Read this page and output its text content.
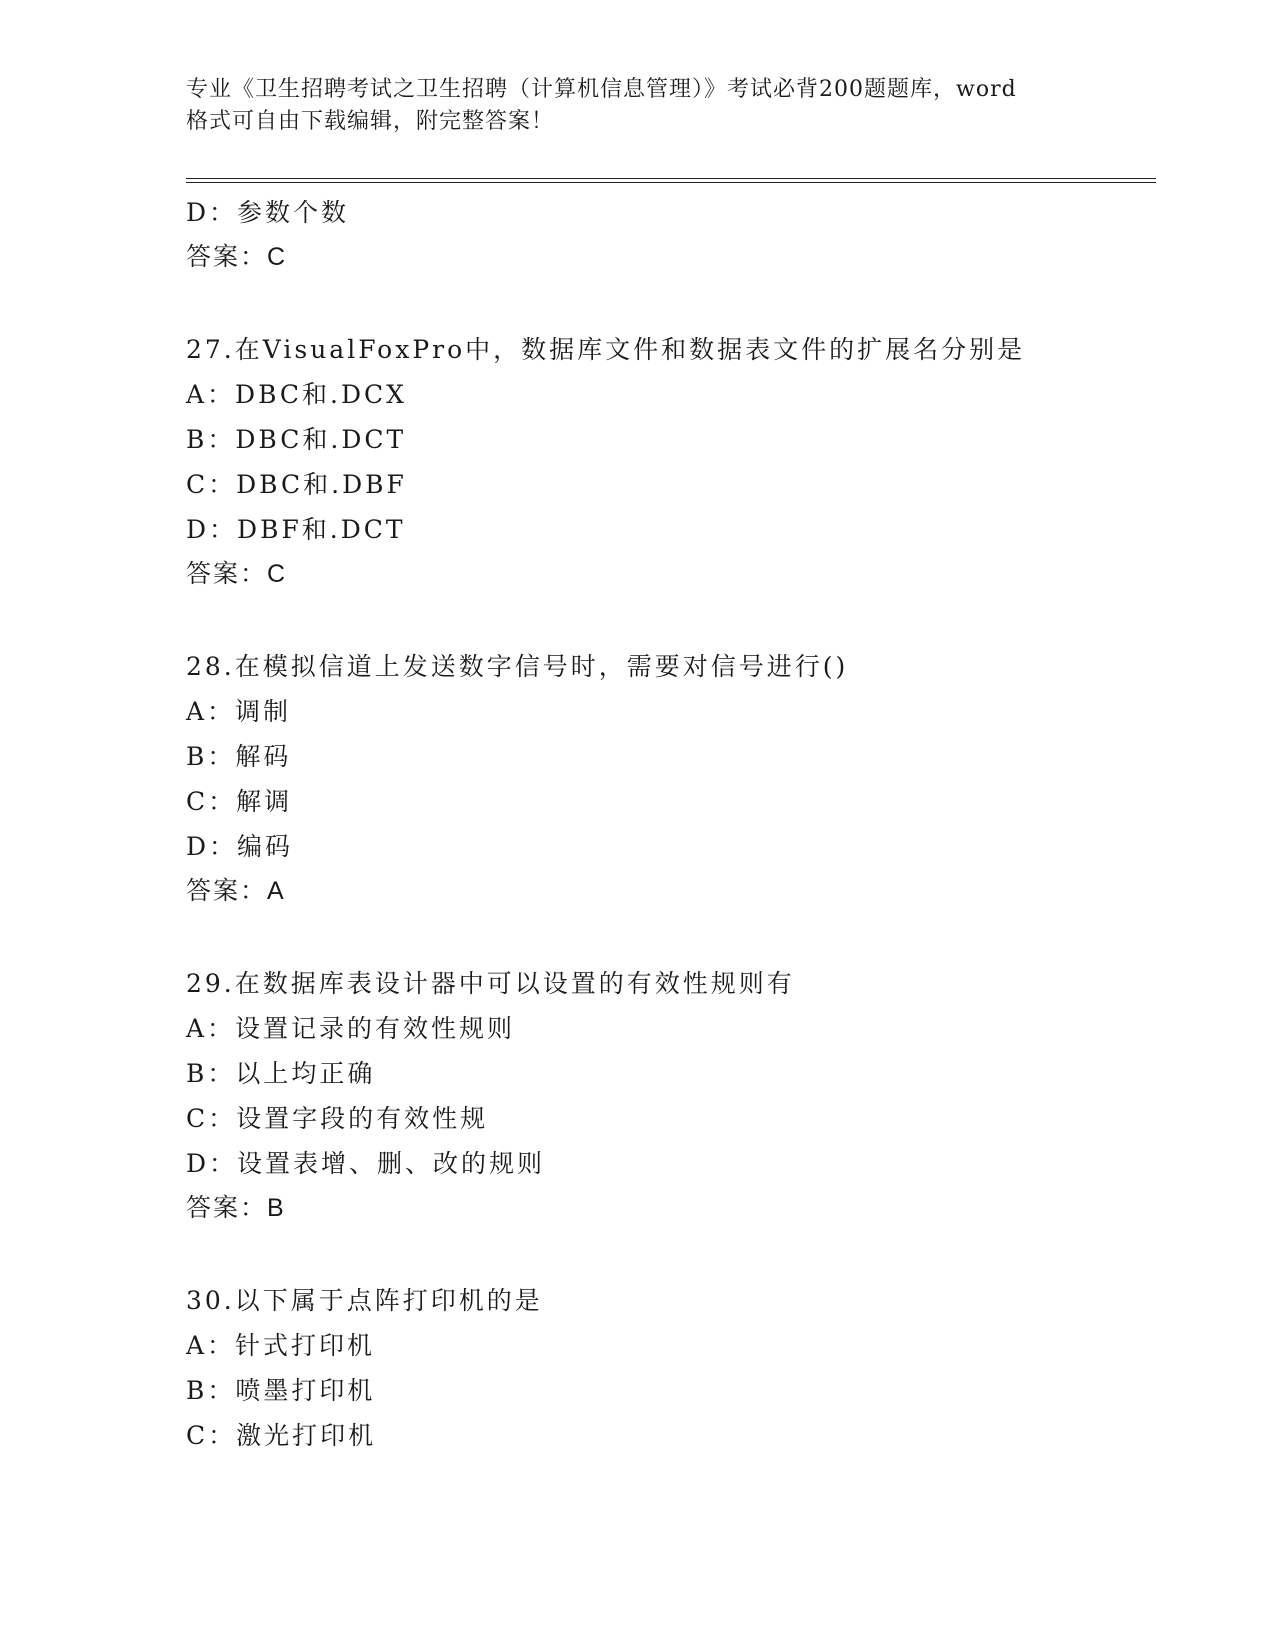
专业《卫生招聘考试之卫生招聘（计算机信息管理）》考试必背200题题库，word
格式可自由下载编辑，附完整答案！
D：参数个数
答案：C
27.在VisualFoxPro中，数据库文件和数据表文件的扩展名分别是
A：DBC和.DCX
B：DBC和.DCT
C：DBC和.DBF
D：DBF和.DCT
答案：C
28.在模拟信道上发送数字信号时，需要对信号进行()
A：调制
B：解码
C：解调
D：编码
答案：A
29.在数据库表设计器中可以设置的有效性规则有
A：设置记录的有效性规则
B：以上均正确
C：设置字段的有效性规
D：设置表增、删、改的规则
答案：B
30.以下属于点阵打印机的是
A：针式打印机
B：喷墨打印机
C：激光打印机
